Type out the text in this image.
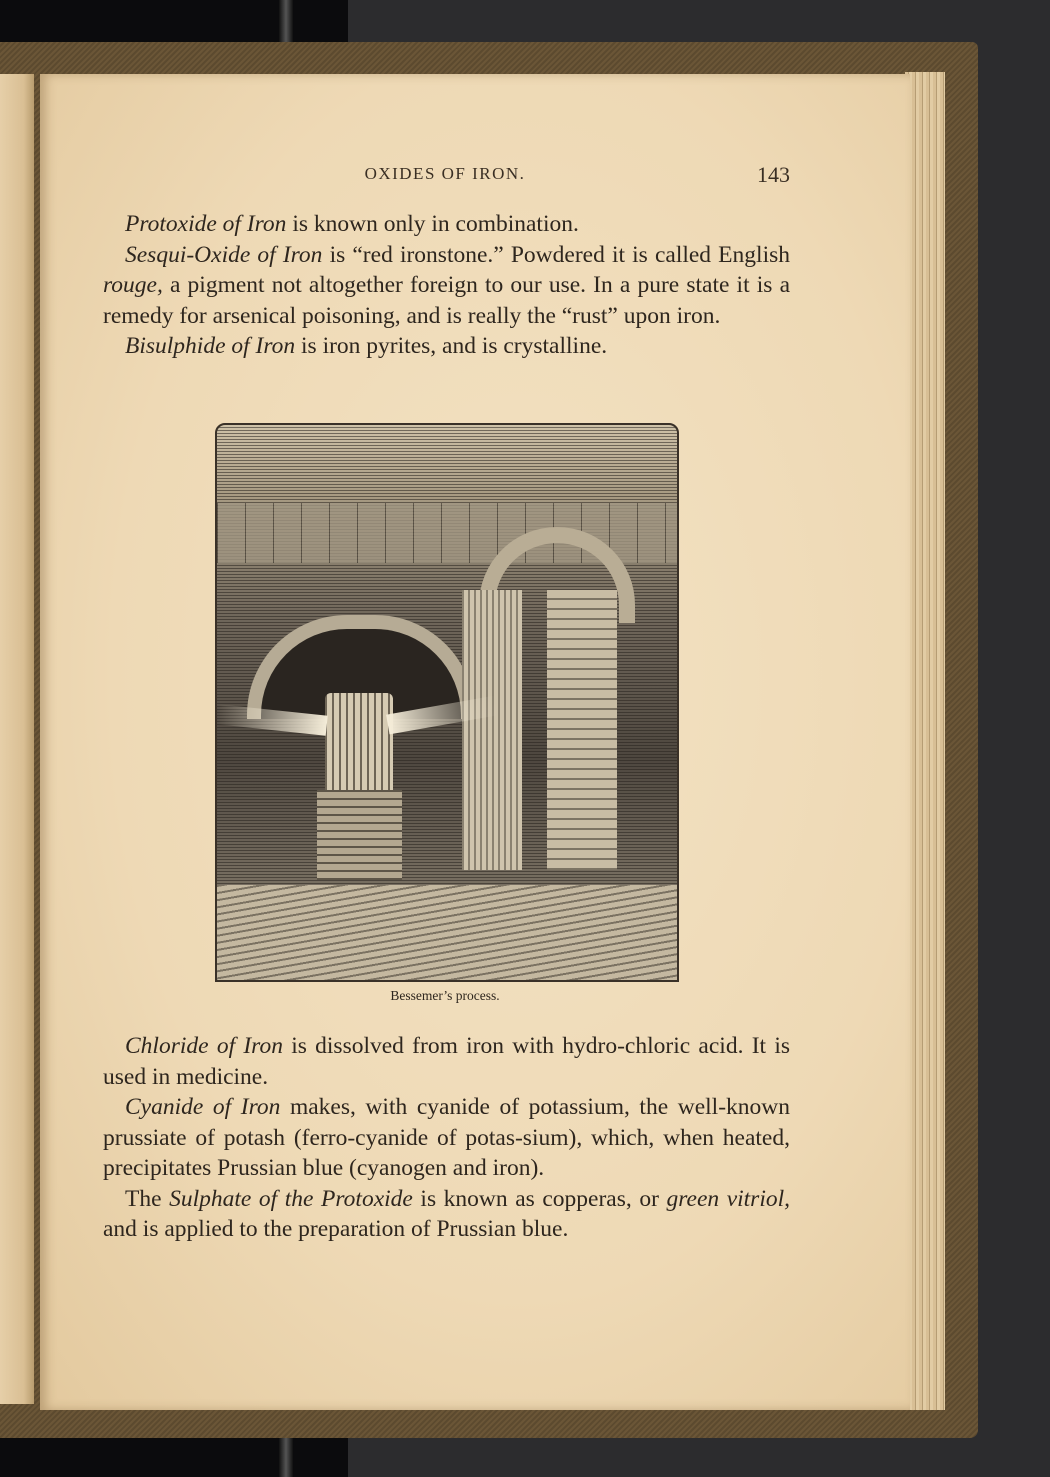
OXIDES OF IRON.	143

Protoxide of Iron is known only in combination.

Sesqui-Oxide of Iron is “red ironstone.” Powdered it is called English rouge, a pigment not altogether foreign to our use. In a pure state it is a remedy for arsenical poisoning, and is really the “rust” upon iron.

Bisulphide of Iron is iron pyrites, and is crystalline.

Bessemer’s process.

Chloride of Iron is dissolved from iron with hydro-chloric acid. It is used in medicine.

Cyanide of Iron makes, with cyanide of potassium, the well-known prussiate of potash (ferro-cyanide of potas-sium), which, when heated, precipitates Prussian blue (cyanogen and iron).

The Sulphate of the Protoxide is known as copperas, or green vitriol, and is applied to the preparation of Prussian blue.
